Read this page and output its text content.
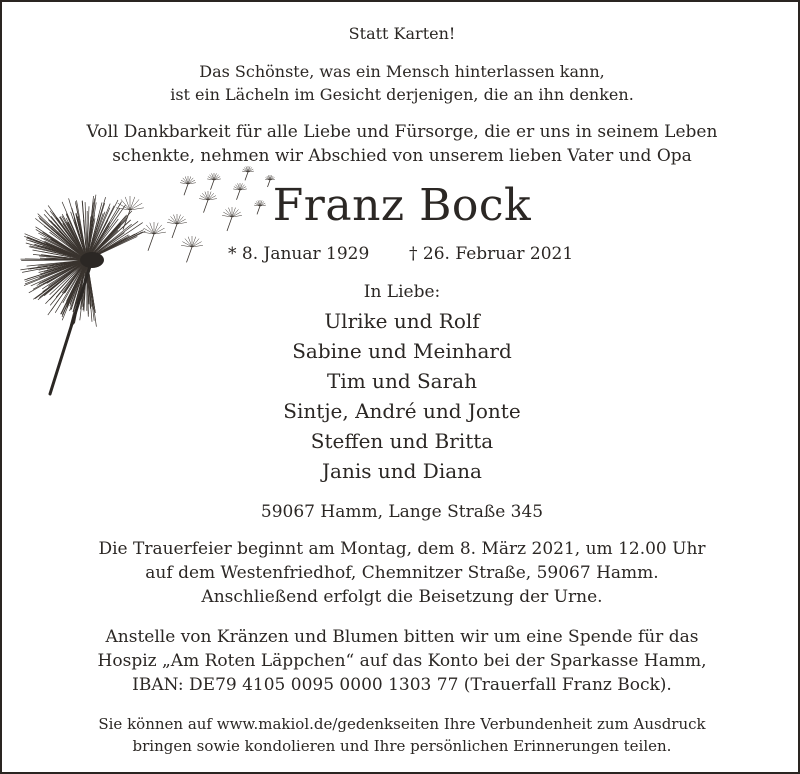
Statt Karten!
Das Schönste, was ein Mensch hinterlassen kann,
ist ein Lächeln im Gesicht derjenigen, die an ihn denken.
Voll Dankbarkeit für alle Liebe und Fürsorge, die er uns in seinem Leben
schenkte, nehmen wir Abschied von unserem lieben Vater und Opa
Franz Bock
* 8. Januar 1929 † 26. Februar 2021
In Liebe:
Ulrike und Rolf
Sabine und Meinhard
Tim und Sarah
Sintje, André und Jonte
Steffen und Britta
Janis und Diana
59067 Hamm, Lange Straße 345
Die Trauerfeier beginnt am Montag, dem 8. März 2021, um 12.00 Uhr
auf dem Westenfriedhof, Chemnitzer Straße, 59067 Hamm.
Anschließend erfolgt die Beisetzung der Urne.
Anstelle von Kränzen und Blumen bitten wir um eine Spende für das
Hospiz „Am Roten Läppchen“ auf das Konto bei der Sparkasse Hamm,
IBAN: DE79 4105 0095 0000 1303 77 (Trauerfall Franz Bock).
Sie können auf www.makiol.de/gedenkseiten Ihre Verbundenheit zum Ausdruck
bringen sowie kondolieren und Ihre persönlichen Erinnerungen teilen.
